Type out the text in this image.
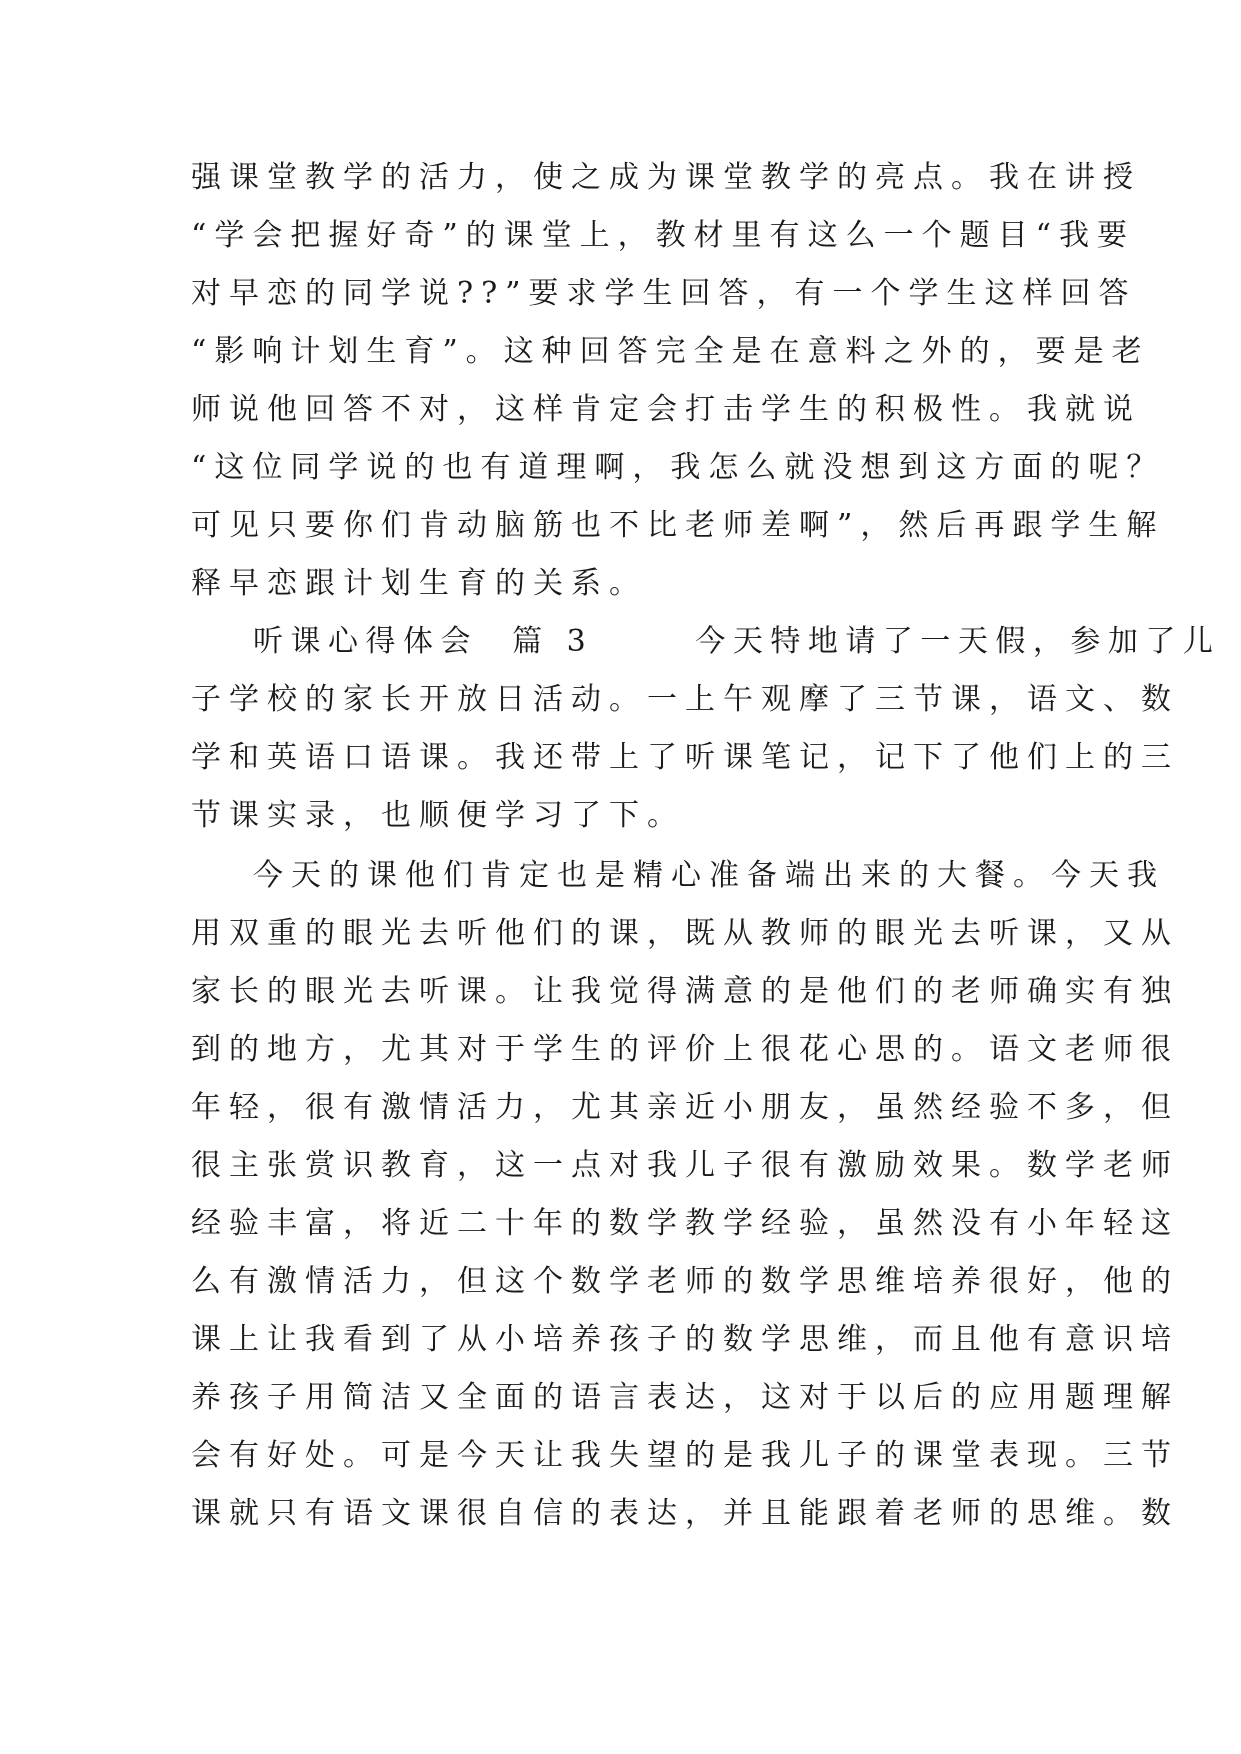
强课堂教学的活力，使之成为课堂教学的亮点。我在讲授
“学会把握好奇”的课堂上，教材里有这么一个题目“我要
对早恋的同学说??”要求学生回答，有一个学生这样回答
“影响计划生育”。这种回答完全是在意料之外的，要是老
师说他回答不对，这样肯定会打击学生的积极性。我就说
“这位同学说的也有道理啊，我怎么就没想到这方面的呢？
可见只要你们肯动脑筋也不比老师差啊”，然后再跟学生解
释早恋跟计划生育的关系。
听课心得体会  篇 3      今天特地请了一天假，参加了儿
子学校的家长开放日活动。一上午观摩了三节课，语文、数
学和英语口语课。我还带上了听课笔记，记下了他们上的三
节课实录，也顺便学习了下。
今天的课他们肯定也是精心准备端出来的大餐。今天我
用双重的眼光去听他们的课，既从教师的眼光去听课，又从
家长的眼光去听课。让我觉得满意的是他们的老师确实有独
到的地方，尤其对于学生的评价上很花心思的。语文老师很
年轻，很有激情活力，尤其亲近小朋友，虽然经验不多，但
很主张赏识教育，这一点对我儿子很有激励效果。数学老师
经验丰富，将近二十年的数学教学经验，虽然没有小年轻这
么有激情活力，但这个数学老师的数学思维培养很好，他的
课上让我看到了从小培养孩子的数学思维，而且他有意识培
养孩子用简洁又全面的语言表达，这对于以后的应用题理解
会有好处。可是今天让我失望的是我儿子的课堂表现。三节
课就只有语文课很自信的表达，并且能跟着老师的思维。数
